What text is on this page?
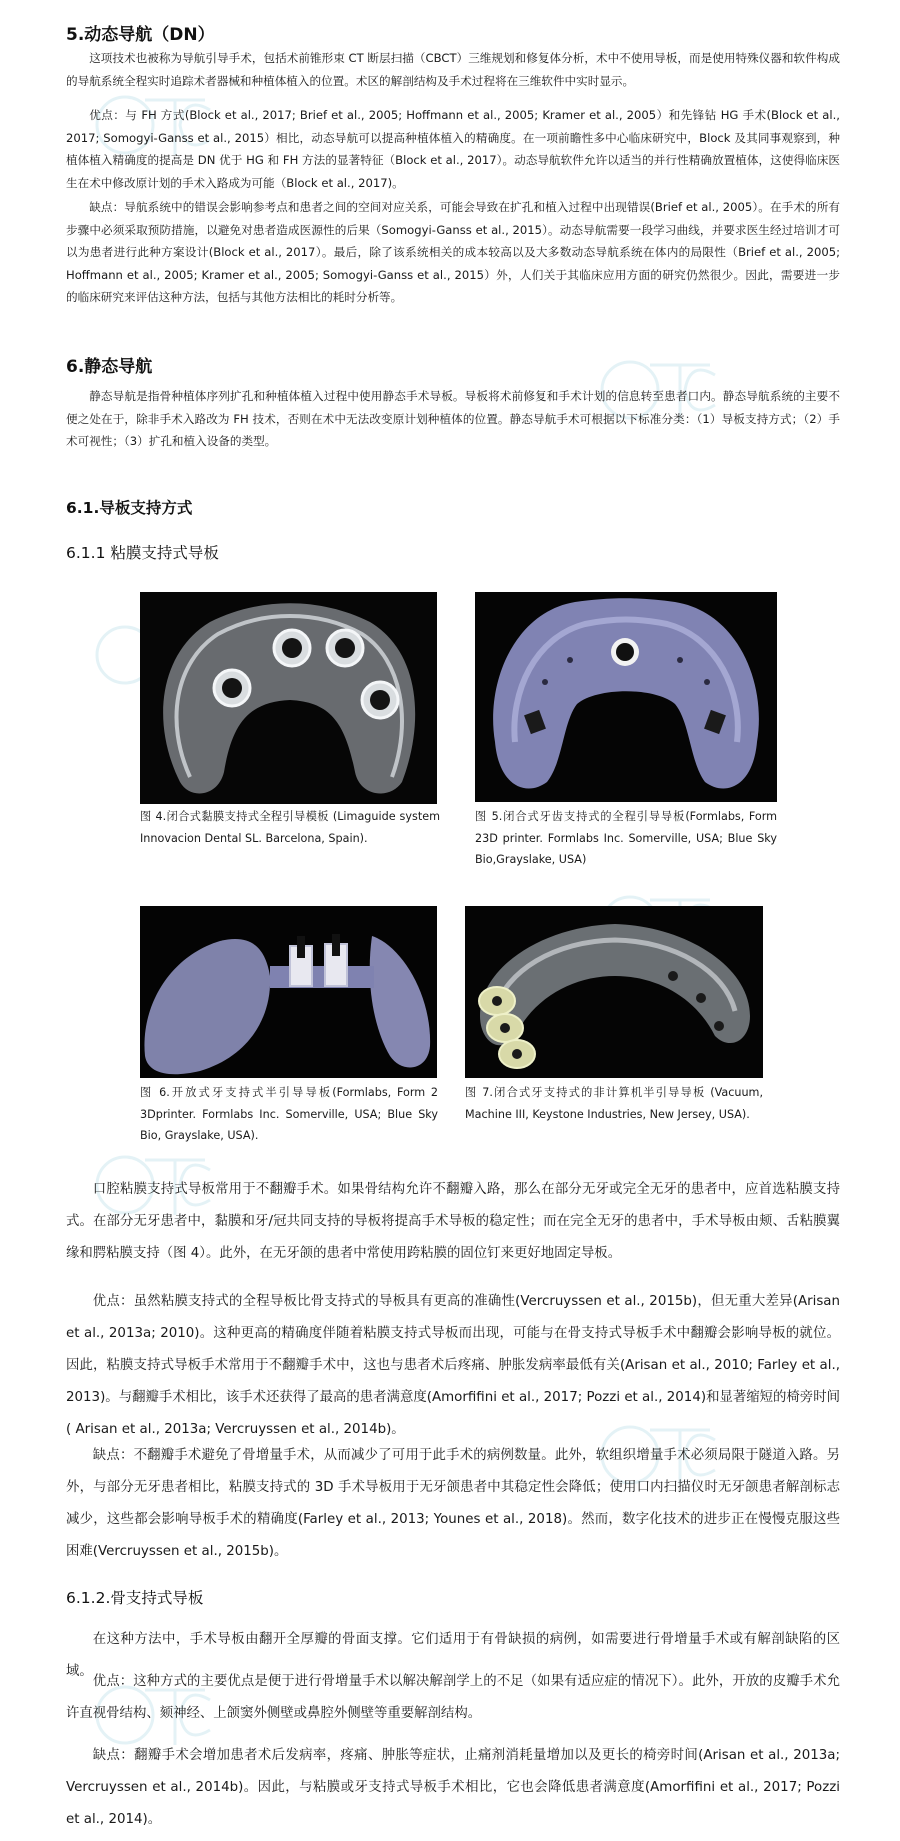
5.动态导航（DN）

这项技术也被称为导航引导手术，包括术前锥形束 CT 断层扫描（CBCT）三维规划和修复体分析，术中不使用导板，而是使用特殊仪器和软件构成的导航系统全程实时追踪术者器械和种植体植入的位置。术区的解剖结构及手术过程将在三维软件中实时显示。

优点：与 FH 方式(Block et al., 2017; Brief et al., 2005; Hoffmann et al., 2005; Kramer et al., 2005）和先锋钻 HG 手术(Block et al., 2017; Somogyi-Ganss et al., 2015）相比，动态导航可以提高种植体植入的精确度。在一项前瞻性多中心临床研究中，Block 及其同事观察到，种植体植入精确度的提高是 DN 优于 HG 和 FH 方法的显著特征（Block et al., 2017）。动态导航软件允许以适当的并行性精确放置植体，这使得临床医生在术中修改原计划的手术入路成为可能（Block et al., 2017)。

缺点：导航系统中的错误会影响参考点和患者之间的空间对应关系，可能会导致在扩孔和植入过程中出现错误(Brief et al., 2005）。在手术的所有步骤中必须采取预防措施，以避免对患者造成医源性的后果（Somogyi-Ganss et al., 2015）。动态导航需要一段学习曲线，并要求医生经过培训才可以为患者进行此种方案设计(Block et al., 2017）。最后，除了该系统相关的成本较高以及大多数动态导航系统在体内的局限性（Brief et al., 2005; Hoffmann et al., 2005; Kramer et al., 2005; Somogyi-Ganss et al., 2015）外，人们关于其临床应用方面的研究仍然很少。因此，需要进一步的临床研究来评估这种方法，包括与其他方法相比的耗时分析等。

6.静态导航

静态导航是指骨种植体序列扩孔和种植体植入过程中使用静态手术导板。导板将术前修复和手术计划的信息转至患者口内。静态导航系统的主要不便之处在于，除非手术入路改为 FH 技术，否则在术中无法改变原计划种植体的位置。静态导航手术可根据以下标准分类：（1）导板支持方式；（2）手术可视性；（3）扩孔和植入设备的类型。

6.1.导板支持方式
6.1.1 粘膜支持式导板

图 4.闭合式黏膜支持式全程引导模板 (Limaguide system Innovacion Dental SL. Barcelona, Spain).

图 5.闭合式牙齿支持式的全程引导导板(Formlabs, Form 23D printer. Formlabs Inc. Somerville, USA; Blue Sky Bio,Grayslake, USA)

图 6.开放式牙支持式半引导导板(Formlabs, Form 2 3Dprinter. Formlabs Inc. Somerville, USA; Blue Sky Bio, Grayslake, USA).

图 7.闭合式牙支持式的非计算机半引导导板 (Vacuum, Machine III, Keystone Industries, New Jersey, USA).

口腔粘膜支持式导板常用于不翻瓣手术。如果骨结构允许不翻瓣入路，那么在部分无牙或完全无牙的患者中，应首选粘膜支持式。在部分无牙患者中，黏膜和牙/冠共同支持的导板将提高手术导板的稳定性；而在完全无牙的患者中，手术导板由颊、舌粘膜翼缘和腭粘膜支持（图 4）。此外，在无牙颌的患者中常使用跨粘膜的固位钉来更好地固定导板。

优点：虽然粘膜支持式的全程导板比骨支持式的导板具有更高的准确性(Vercruyssen et al., 2015b)，但无重大差异(Arisan et al., 2013a; 2010)。这种更高的精确度伴随着粘膜支持式导板而出现，可能与在骨支持式导板手术中翻瓣会影响导板的就位。因此，粘膜支持式导板手术常用于不翻瓣手术中，这也与患者术后疼痛、肿胀发病率最低有关(Arisan et al., 2010; Farley et al., 2013)。与翻瓣手术相比，该手术还获得了最高的患者满意度(Amorfifini et al., 2017; Pozzi et al., 2014)和显著缩短的椅旁时间( Arisan et al., 2013a; Vercruyssen et al., 2014b)。

缺点：不翻瓣手术避免了骨增量手术，从而减少了可用于此手术的病例数量。此外，软组织增量手术必须局限于隧道入路。另外，与部分无牙患者相比，粘膜支持式的 3D 手术导板用于无牙颌患者中其稳定性会降低；使用口内扫描仪时无牙颌患者解剖标志减少，这些都会影响导板手术的精确度(Farley et al., 2013; Younes et al., 2018)。然而，数字化技术的进步正在慢慢克服这些困难(Vercruyssen et al., 2015b)。

6.1.2.骨支持式导板

在这种方法中，手术导板由翻开全厚瓣的骨面支撑。它们适用于有骨缺损的病例，如需要进行骨增量手术或有解剖缺陷的区域。

优点：这种方式的主要优点是便于进行骨增量手术以解决解剖学上的不足（如果有适应症的情况下）。此外，开放的皮瓣手术允许直视骨结构、颏神经、上颌窦外侧壁或鼻腔外侧壁等重要解剖结构。

缺点：翻瓣手术会增加患者术后发病率，疼痛、肿胀等症状，止痛剂消耗量增加以及更长的椅旁时间(Arisan et al., 2013a; Vercruyssen et al., 2014b)。因此，与粘膜或牙支持式导板手术相比，它也会降低患者满意度(Amorfifini et al., 2017; Pozzi et al., 2014)。
